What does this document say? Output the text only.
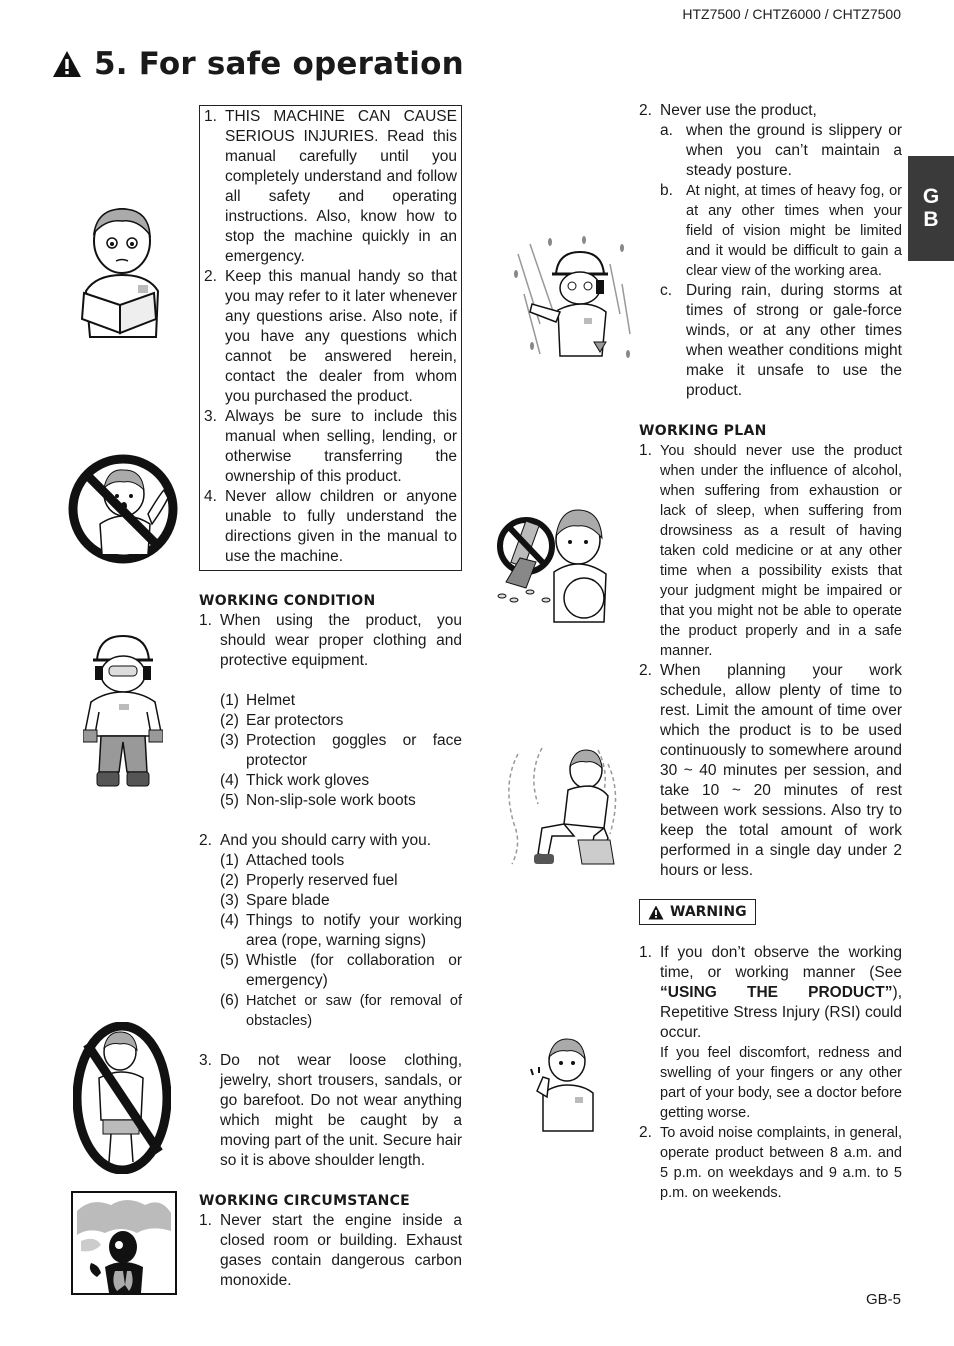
HTZ7500 / CHTZ6000 / CHTZ7500
5. For safe operation
G
B
1. THIS MACHINE CAN CAUSE SERIOUS INJURIES. Read this manual carefully until you completely understand and follow all safety and operating instructions. Also, know how to stop the machine quickly in an emergency.
2. Keep this manual handy so that you may refer to it later whenever any questions arise. Also note, if you have any questions which cannot be answered herein, contact the dealer from whom you purchased the product.
3. Always be sure to include this manual when selling, lending, or otherwise transferring the ownership of this product.
4. Never allow children or anyone unable to fully understand the directions given in the manual to use the machine.
WORKING CONDITION
1. When using the product, you should wear proper clothing and protective equipment.
(1) Helmet
(2) Ear protectors
(3) Protection goggles or face protector
(4) Thick work gloves
(5) Non-slip-sole work boots
2. And you should carry with you.
(1) Attached tools
(2) Properly reserved fuel
(3) Spare blade
(4) Things to notify your working area (rope, warning signs)
(5) Whistle (for collaboration or emergency)
(6) Hatchet or saw (for removal of obstacles)
3. Do not wear loose clothing, jewelry, short trousers, sandals, or go barefoot. Do not wear anything which might be caught by a moving part of the unit. Secure hair so it is above shoulder length.
WORKING CIRCUMSTANCE
1. Never start the engine inside a closed room or building. Exhaust gases contain dangerous carbon monoxide.
2. Never use the product,
a. when the ground is slippery or when you can’t maintain a steady posture.
b. At night, at times of heavy fog, or at any other times when your field of vision might be limited and it would be difficult to gain a clear view of the working area.
c. During rain, during storms at times of strong or gale-force winds, or at any other times when weather conditions might make it unsafe to use the product.
WORKING PLAN
1. You should never use the product when under the influence of alcohol, when suffering from exhaustion or lack of sleep, when suffering from drowsiness as a result of having taken cold medicine or at any other time when a possibility exists that your judgment might be impaired or that you might not be able to operate the product properly and in a safe manner.
2. When planning your work schedule, allow plenty of time to rest. Limit the amount of time over which the product is to be used continuously to somewhere around 30 ~ 40 minutes per session, and take 10 ~ 20 minutes of rest between work sessions. Also try to keep the total amount of work performed in a single day under 2 hours or less.
WARNING
1. If you don’t observe the working time, or working manner (See “USING THE PRODUCT”), Repetitive Stress Injury (RSI) could occur.
If you feel discomfort, redness and swelling of your fingers or any other part of your body, see a doctor before getting worse.
2. To avoid noise complaints, in general, operate product between 8 a.m. and 5 p.m. on weekdays and 9 a.m. to 5 p.m. on weekends.
GB-5
